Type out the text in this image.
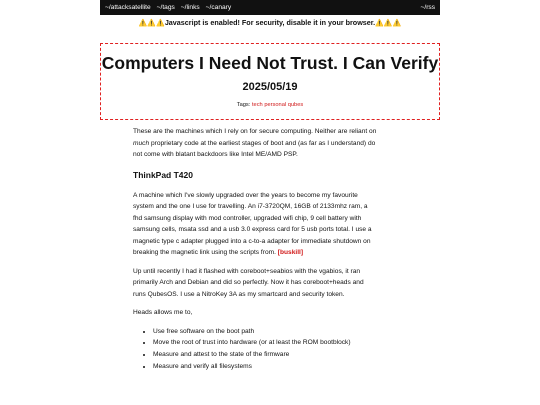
~/attacksatellite ~/tags ~/links ~/canary	~/rss
⚠️⚠️⚠️Javascript is enabled! For security, disable it in your browser.⚠️⚠️⚠️
Computers I Need Not Trust. I Can Verify
2025/05/19
Tags: tech personal qubes

These are the machines which I rely on for secure computing. Neither are reliant on
much proprietary code at the earliest stages of boot and (as far as I understand) do
not come with blatant backdoors like Intel ME/AMD PSP.

ThinkPad T420

A machine which I've slowly upgraded over the years to become my favourite
system and the one I use for travelling. An i7-3720QM, 16GB of 2133mhz ram, a
fhd samsung display with mod controller, upgraded wifi chip, 9 cell battery with
samsung cells, msata ssd and a usb 3.0 express card for 5 usb ports total. I use a
magnetic type c adapter plugged into a c-to-a adapter for immediate shutdown on
breaking the magnetic link using the scripts from. [buskill]

Up until recently I had it flashed with coreboot+seabios with the vgabios, it ran
primarily Arch and Debian and did so perfectly. Now it has coreboot+heads and
runs QubesOS. I use a NitroKey 3A as my smartcard and security token.

Heads allows me to,

• Use free software on the boot path
• Move the root of trust into hardware (or at least the ROM bootblock)
• Measure and attest to the state of the firmware
• Measure and verify all filesystems
